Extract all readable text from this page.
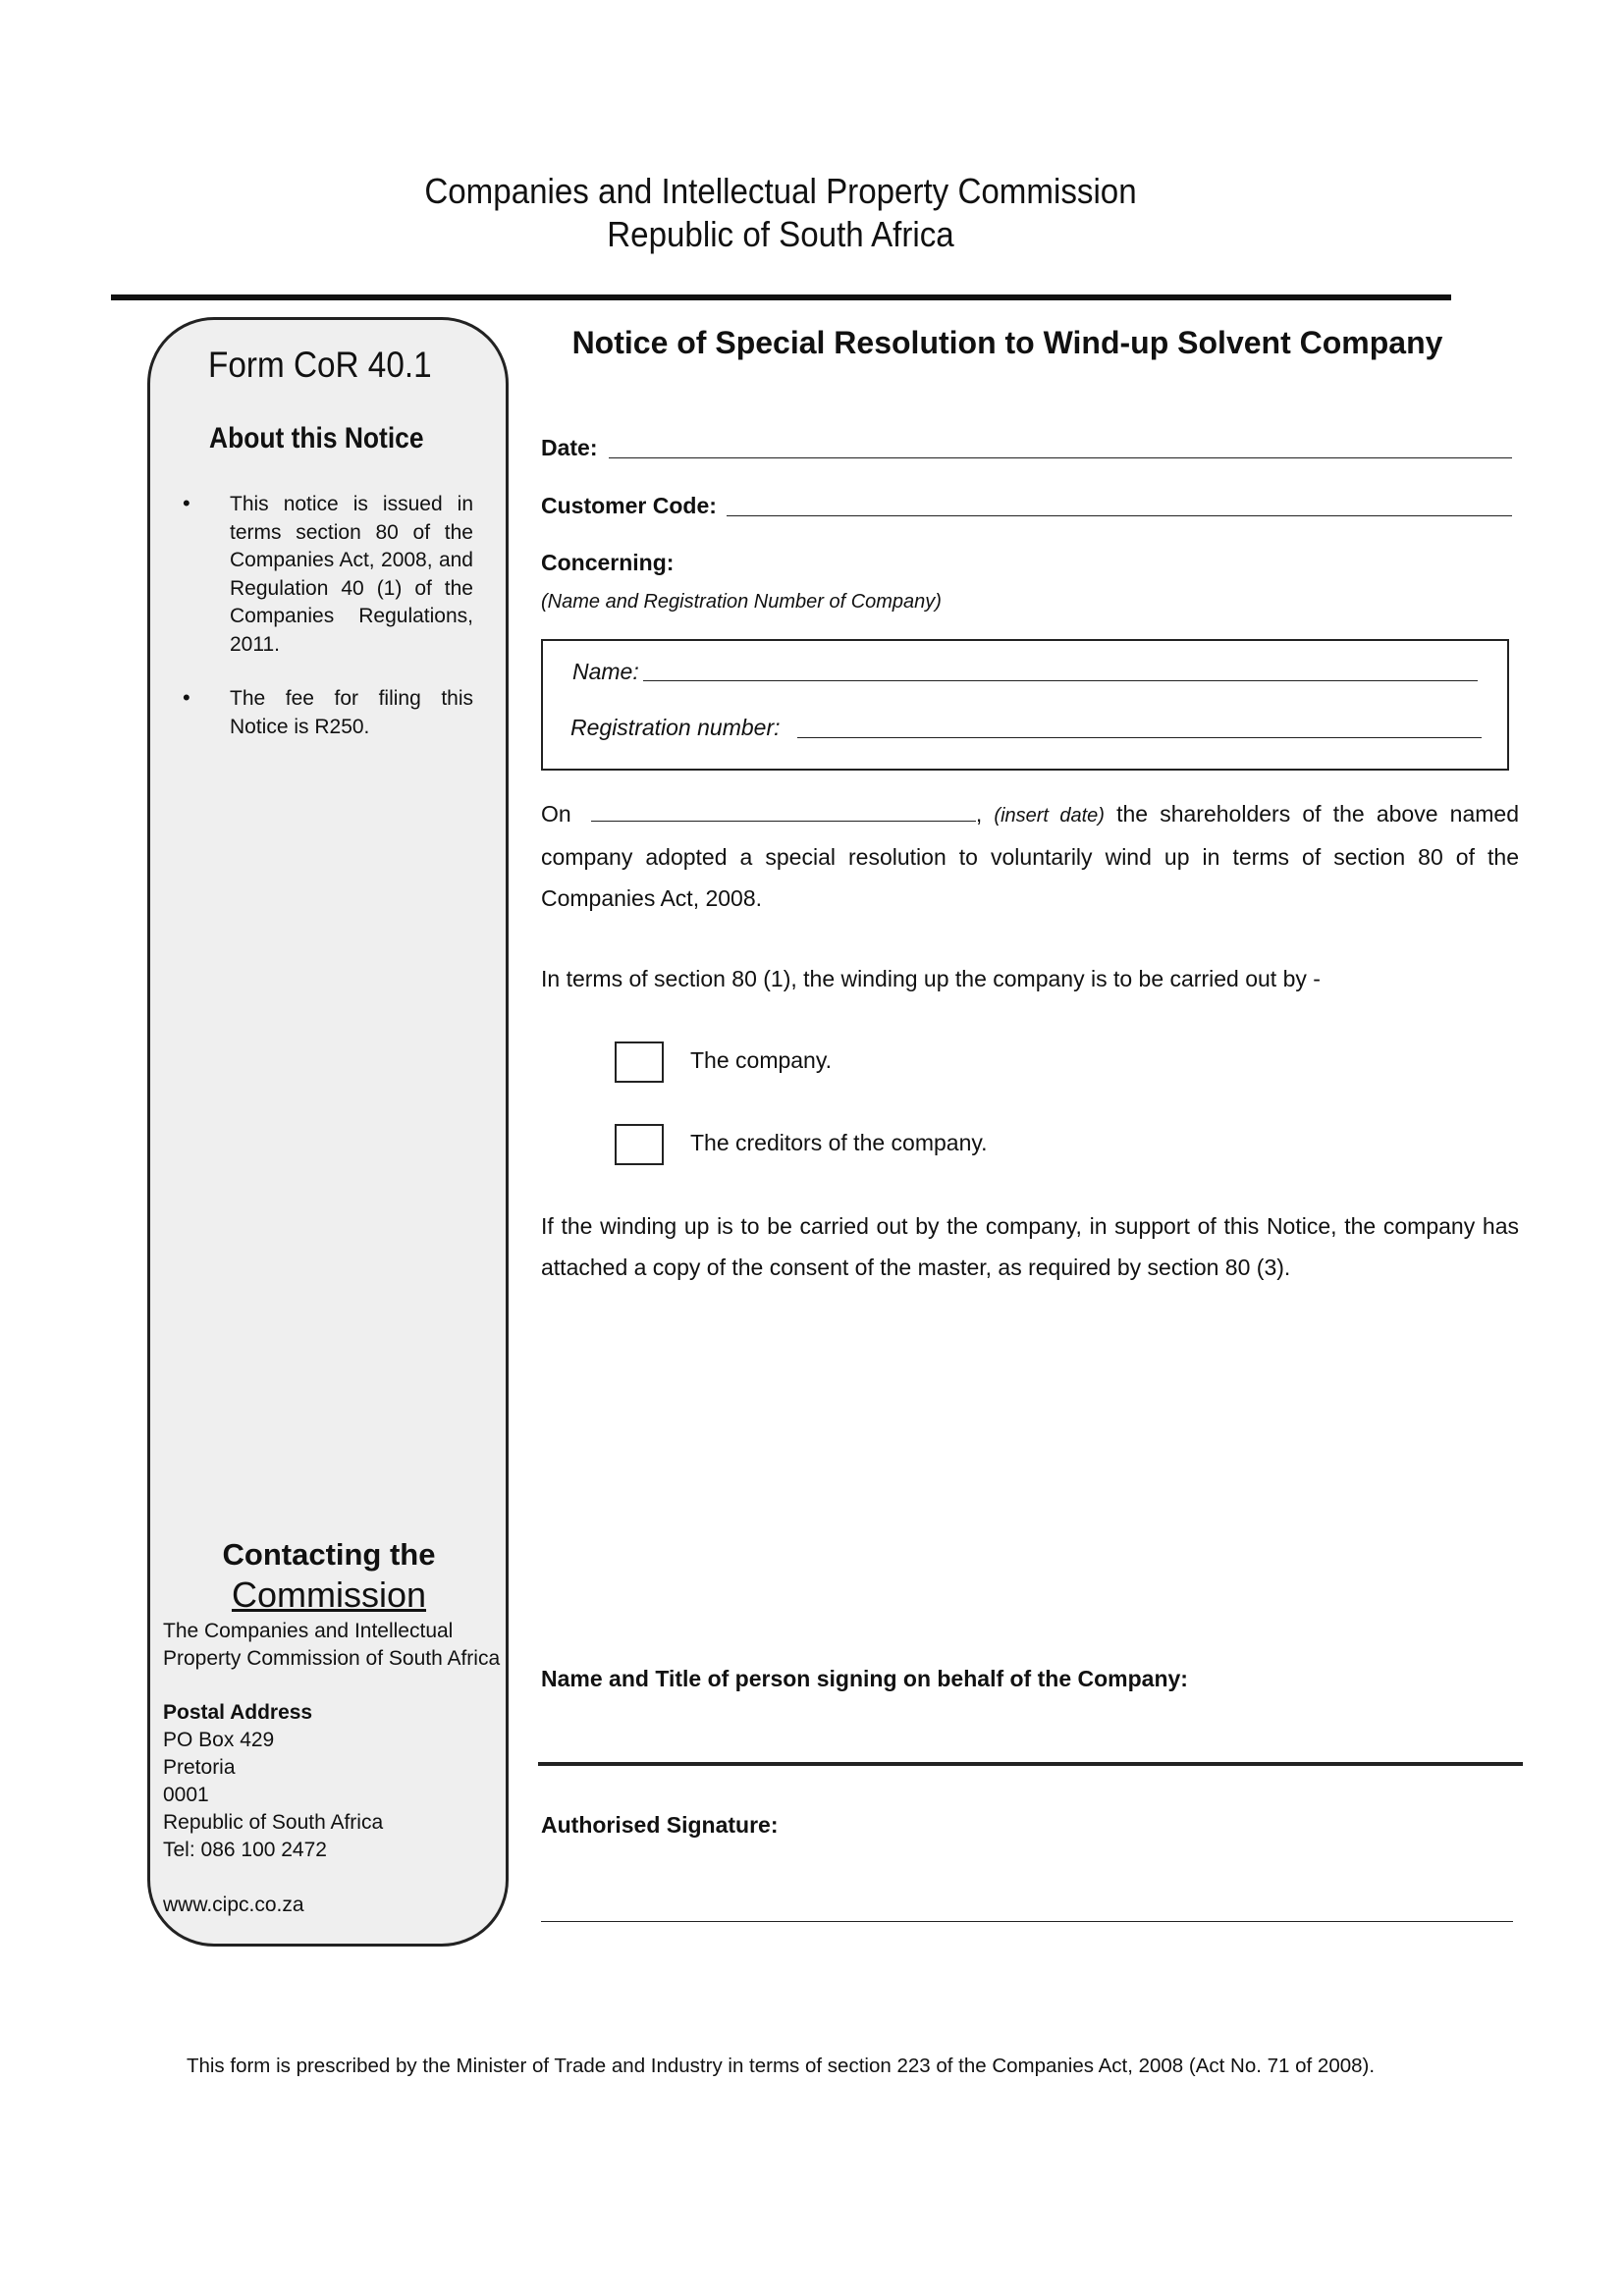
Companies and Intellectual Property Commission
Republic of South Africa
Form CoR 40.1
About this Notice
• This notice is issued in terms section 80 of the Companies Act, 2008, and Regulation 40 (1) of the Companies Regulations, 2011.
• The fee for filing this Notice is R250.
Contacting the
Commission
The Companies and Intellectual
Property Commission of South Africa
Postal Address
PO Box 429
Pretoria
0001
Republic of South Africa
Tel: 086 100 2472
www.cipc.co.za
Notice of Special Resolution to Wind-up Solvent Company
Date:
Customer Code:
Concerning:
(Name and Registration Number of Company)
Name:
Registration number:
On	, (insert date) the shareholders of the above named company adopted a special resolution to voluntarily wind up in terms of section 80 of the Companies Act, 2008.
In terms of section 80 (1), the winding up the company is to be carried out by -
The company.
The creditors of the company.
If the winding up is to be carried out by the company, in support of this Notice, the company has attached a copy of the consent of the master, as required by section 80 (3).
Name and Title of person signing on behalf of the Company:
Authorised Signature:
This form is prescribed by the Minister of Trade and Industry in terms of section 223 of the Companies Act, 2008 (Act No. 71 of 2008).
